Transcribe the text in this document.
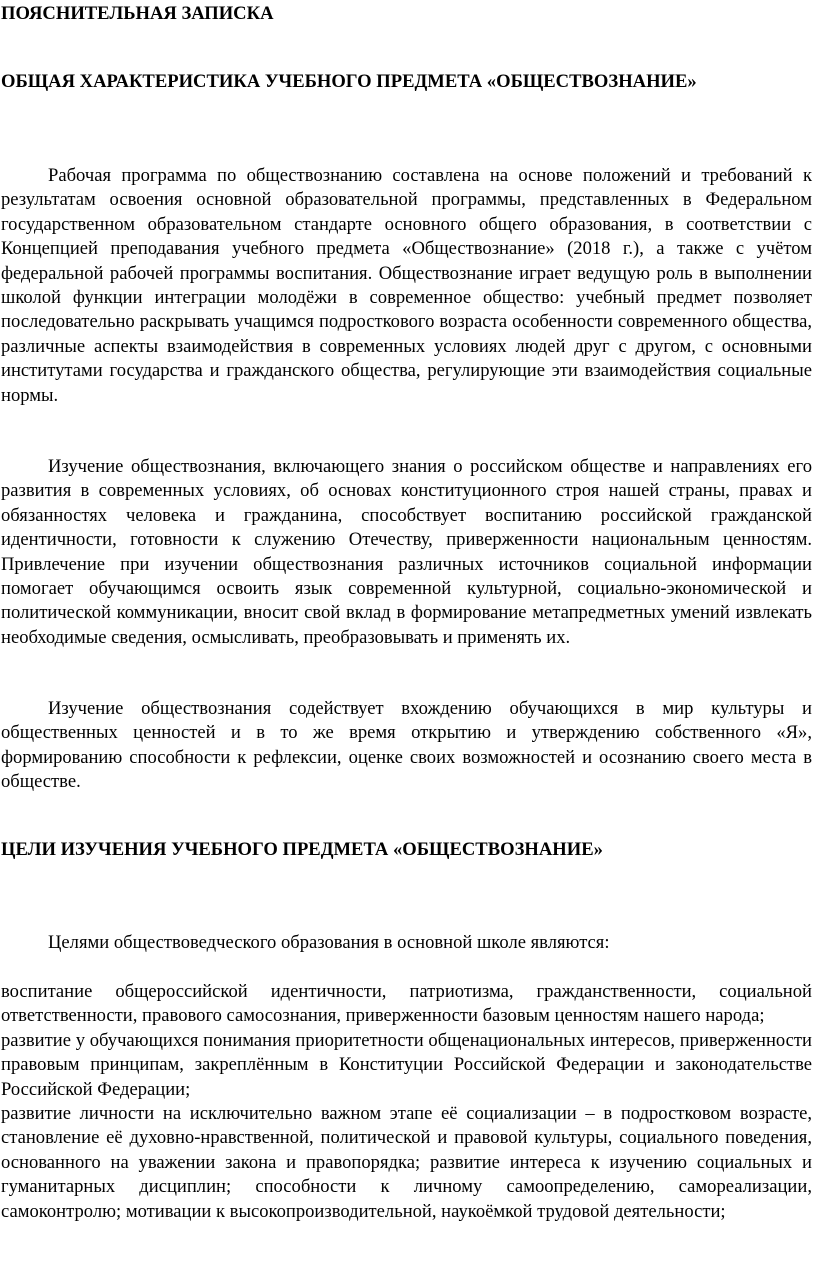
ПОЯСНИТЕЛЬНАЯ ЗАПИСКА
ОБЩАЯ ХАРАКТЕРИСТИКА УЧЕБНОГО ПРЕДМЕТА «ОБЩЕСТВОЗНАНИЕ»

Рабочая программа по обществознанию составлена на основе положений и требований к результатам освоения основной образовательной программы, представленных в Федеральном государственном образовательном стандарте основного общего образования, в соответствии с Концепцией преподавания учебного предмета «Обществознание» (2018 г.), а также с учётом федеральной рабочей программы воспитания. Обществознание играет ведущую роль в выполнении школой функции интеграции молодёжи в современное общество: учебный предмет позволяет последовательно раскрывать учащимся подросткового возраста особенности современного общества, различные аспекты взаимодействия в современных условиях людей друг с другом, с основными институтами государства и гражданского общества, регулирующие эти взаимодействия социальные нормы.

Изучение обществознания, включающего знания о российском обществе и направлениях его развития в современных условиях, об основах конституционного строя нашей страны, правах и обязанностях человека и гражданина, способствует воспитанию российской гражданской идентичности, готовности к служению Отечеству, приверженности национальным ценностям. Привлечение при изучении обществознания различных источников социальной информации помогает обучающимся освоить язык современной культурной, социально-экономической и политической коммуникации, вносит свой вклад в формирование метапредметных умений извлекать необходимые сведения, осмысливать, преобразовывать и применять их.

Изучение обществознания содействует вхождению обучающихся в мир культуры и общественных ценностей и в то же время открытию и утверждению собственного «Я», формированию способности к рефлексии, оценке своих возможностей и осознанию своего места в обществе.

ЦЕЛИ ИЗУЧЕНИЯ УЧЕБНОГО ПРЕДМЕТА «ОБЩЕСТВОЗНАНИЕ»

Целями обществоведческого образования в основной школе являются:

воспитание общероссийской идентичности, патриотизма, гражданственности, социальной ответственности, правового самосознания, приверженности базовым ценностям нашего народа;

развитие у обучающихся понимания приоритетности общенациональных интересов, приверженности правовым принципам, закреплённым в Конституции Российской Федерации и законодательстве Российской Федерации;

развитие личности на исключительно важном этапе её социализации – в подростковом возрасте, становление её духовно-нравственной, политической и правовой культуры, социального поведения, основанного на уважении закона и правопорядка; развитие интереса к изучению социальных и гуманитарных дисциплин; способности к личному самоопределению, самореализации, самоконтролю; мотивации к высокопроизводительной, наукоёмкой трудовой деятельности;
